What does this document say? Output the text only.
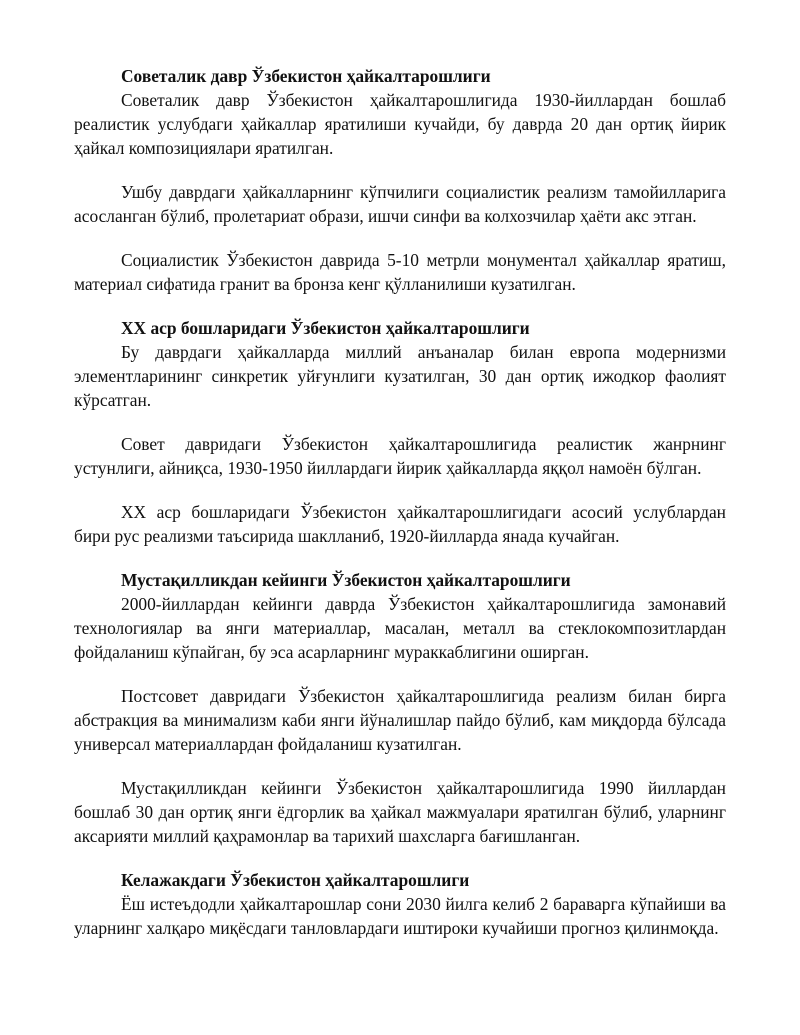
Советалик давр Ўзбекистон ҳайкалтарошлиги

Советалик давр Ўзбекистон ҳайкалтарошлигида 1930-йиллардан бошлаб реалистик услубдаги ҳайкаллар яратилиши кучайди, бу даврда 20 дан ортиқ йирик ҳайкал композициялари яратилган.

Ушбу даврдаги ҳайкалларнинг кўпчилиги социалистик реализм тамойилларига асосланган бўлиб, пролетариат образи, ишчи синфи ва колхозчилар ҳаёти акс этган.

Социалистик Ўзбекистон даврида 5-10 метрли монументал ҳайкаллар яратиш, материал сифатида гранит ва бронза кенг қўлланилиши кузатилган.

XX аср бошларидаги Ўзбекистон ҳайкалтарошлиги

Бу даврдаги ҳайкалларда миллий анъаналар билан европа модернизми элементларининг синкретик уйғунлиги кузатилган, 30 дан ортиқ ижодкор фаолият кўрсатган.

Совет давридаги Ўзбекистон ҳайкалтарошлигида реалистик жанрнинг устунлиги, айниқса, 1930-1950 йиллардаги йирик ҳайкалларда яққол намоён бўлган.

XX аср бошларидаги Ўзбекистон ҳайкалтарошлигидаги асосий услублардан бири рус реализми таъсирида шаклланиб, 1920-йилларда янада кучайган.

Мустақилликдан кейинги Ўзбекистон ҳайкалтарошлиги

2000-йиллардан кейинги даврда Ўзбекистон ҳайкалтарошлигида замонавий технологиялар ва янги материаллар, масалан, металл ва стеклокомпозитлардан фойдаланиш кўпайган, бу эса асарларнинг мураккаблигини оширган.

Постсовет давридаги Ўзбекистон ҳайкалтарошлигида реализм билан бирга абстракция ва минимализм каби янги йўналишлар пайдо бўлиб, кам миқдорда бўлсада универсал материаллардан фойдаланиш кузатилган.

Мустақилликдан кейинги Ўзбекистон ҳайкалтарошлигида 1990 йиллардан бошлаб 30 дан ортиқ янги ёдгорлик ва ҳайкал мажмуалари яратилган бўлиб, уларнинг аксарияти миллий қаҳрамонлар ва тарихий шахсларга бағишланган.

Келажакдаги Ўзбекистон ҳайкалтарошлиги

Ёш истеъдодли ҳайкалтарошлар сони 2030 йилга келиб 2 бараварга кўпайиши ва уларнинг халқаро миқёсдаги танловлардаги иштироки кучайиши прогноз қилинмоқда.
